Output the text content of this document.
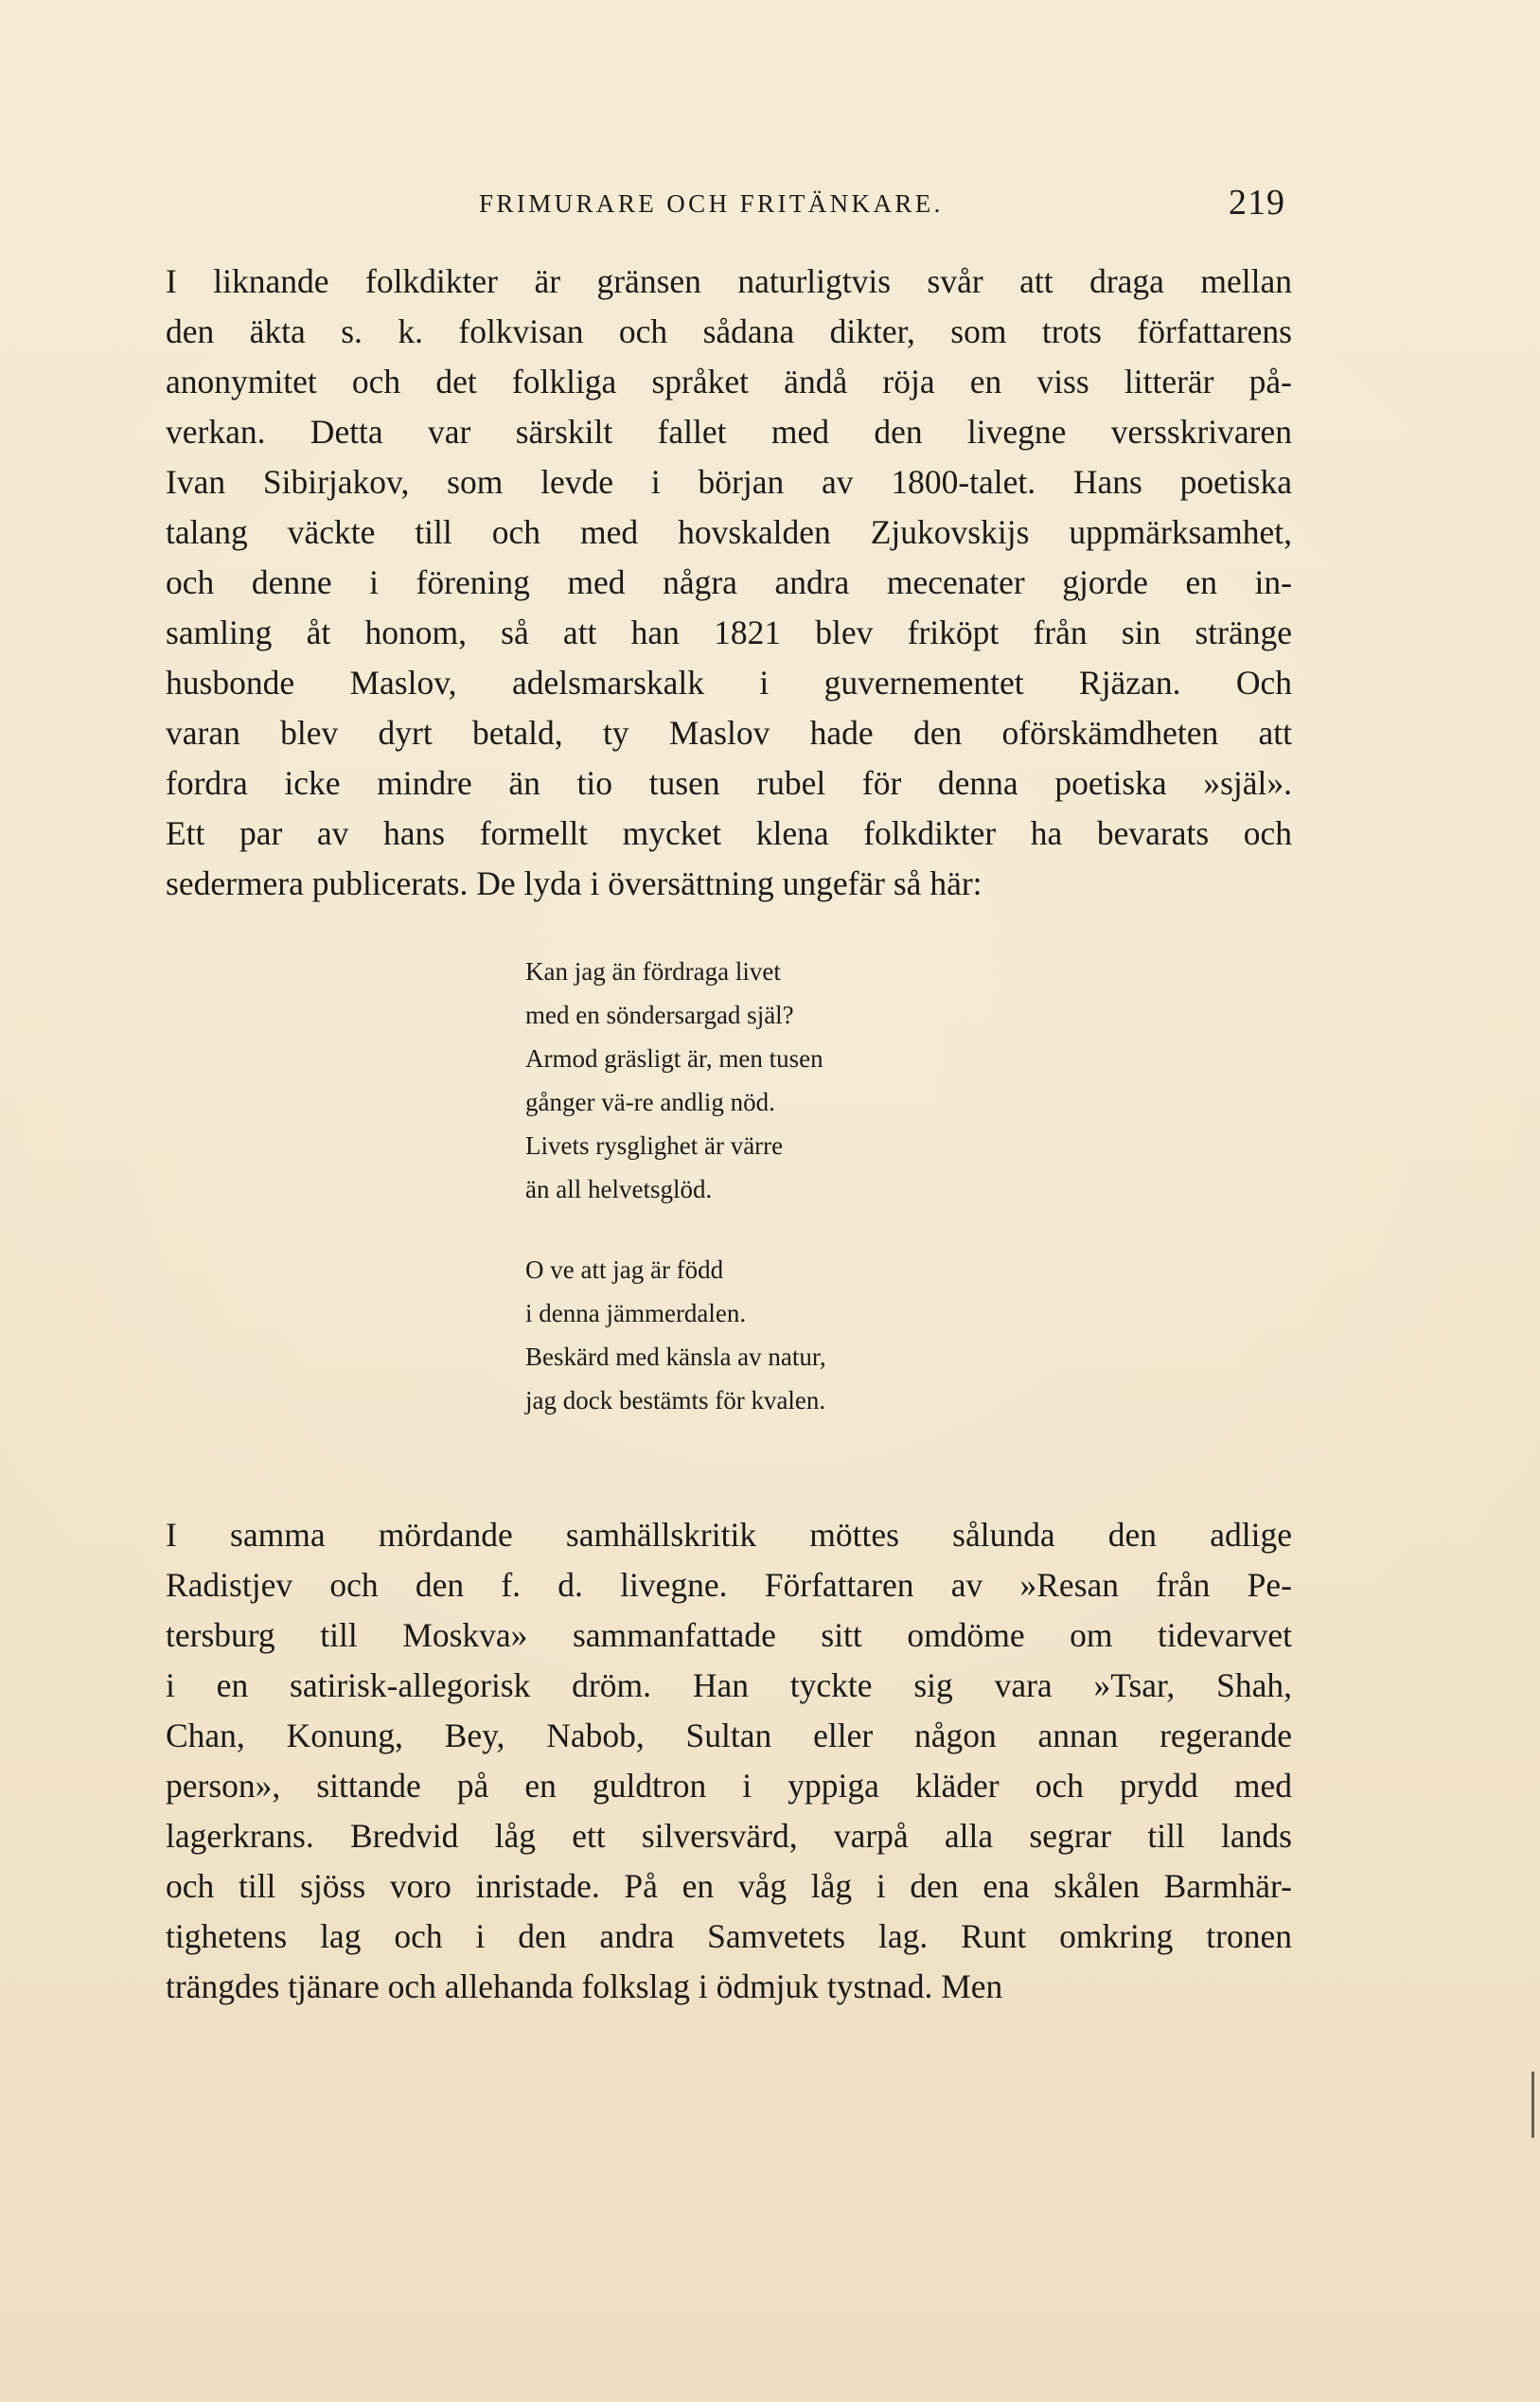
FRIMURARE OCH FRITÄNKARE.	219
I liknande folkdikter är gränsen naturligtvis svår att draga mellan
den äkta s. k. folkvisan och sådana dikter, som trots författarens
anonymitet och det folkliga språket ändå röja en viss litterär på-
verkan. Detta var särskilt fallet med den livegne versskrivaren
Ivan Sibirjakov, som levde i början av 1800-talet. Hans poetiska
talang väckte till och med hovskalden Zjukovskijs uppmärksamhet,
och denne i förening med några andra mecenater gjorde en in-
samling åt honom, så att han 1821 blev friköpt från sin stränge
husbonde Maslov, adelsmarskalk i guvernementet Rjäzan. Och
varan blev dyrt betald, ty Maslov hade den oförskämdheten att
fordra icke mindre än tio tusen rubel för denna poetiska »själ».
Ett par av hans formellt mycket klena folkdikter ha bevarats och
sedermera publicerats. De lyda i översättning ungefär så här:
Kan jag än fördraga livet
med en söndersargad själ?
Armod gräsligt är, men tusen
gånger vä-re andlig nöd.
Livets rysglighet är värre
än all helvetsglöd.
O ve att jag är född
i denna jämmerdalen.
Beskärd med känsla av natur,
jag dock bestämts för kvalen.
I samma mördande samhällskritik möttes sålunda den adlige
Radistjev och den f. d. livegne. Författaren av »Resan från Pe-
tersburg till Moskva» sammanfattade sitt omdöme om tidevarvet
i en satirisk-allegorisk dröm. Han tyckte sig vara »Tsar, Shah,
Chan, Konung, Bey, Nabob, Sultan eller någon annan regerande
person», sittande på en guldtron i yppiga kläder och prydd med
lagerkrans. Bredvid låg ett silversvärd, varpå alla segrar till lands
och till sjöss voro inristade. På en våg låg i den ena skålen Barmhär-
tighetens lag och i den andra Samvetets lag. Runt omkring tronen
trängdes tjänare och allehanda folkslag i ödmjuk tystnad. Men
